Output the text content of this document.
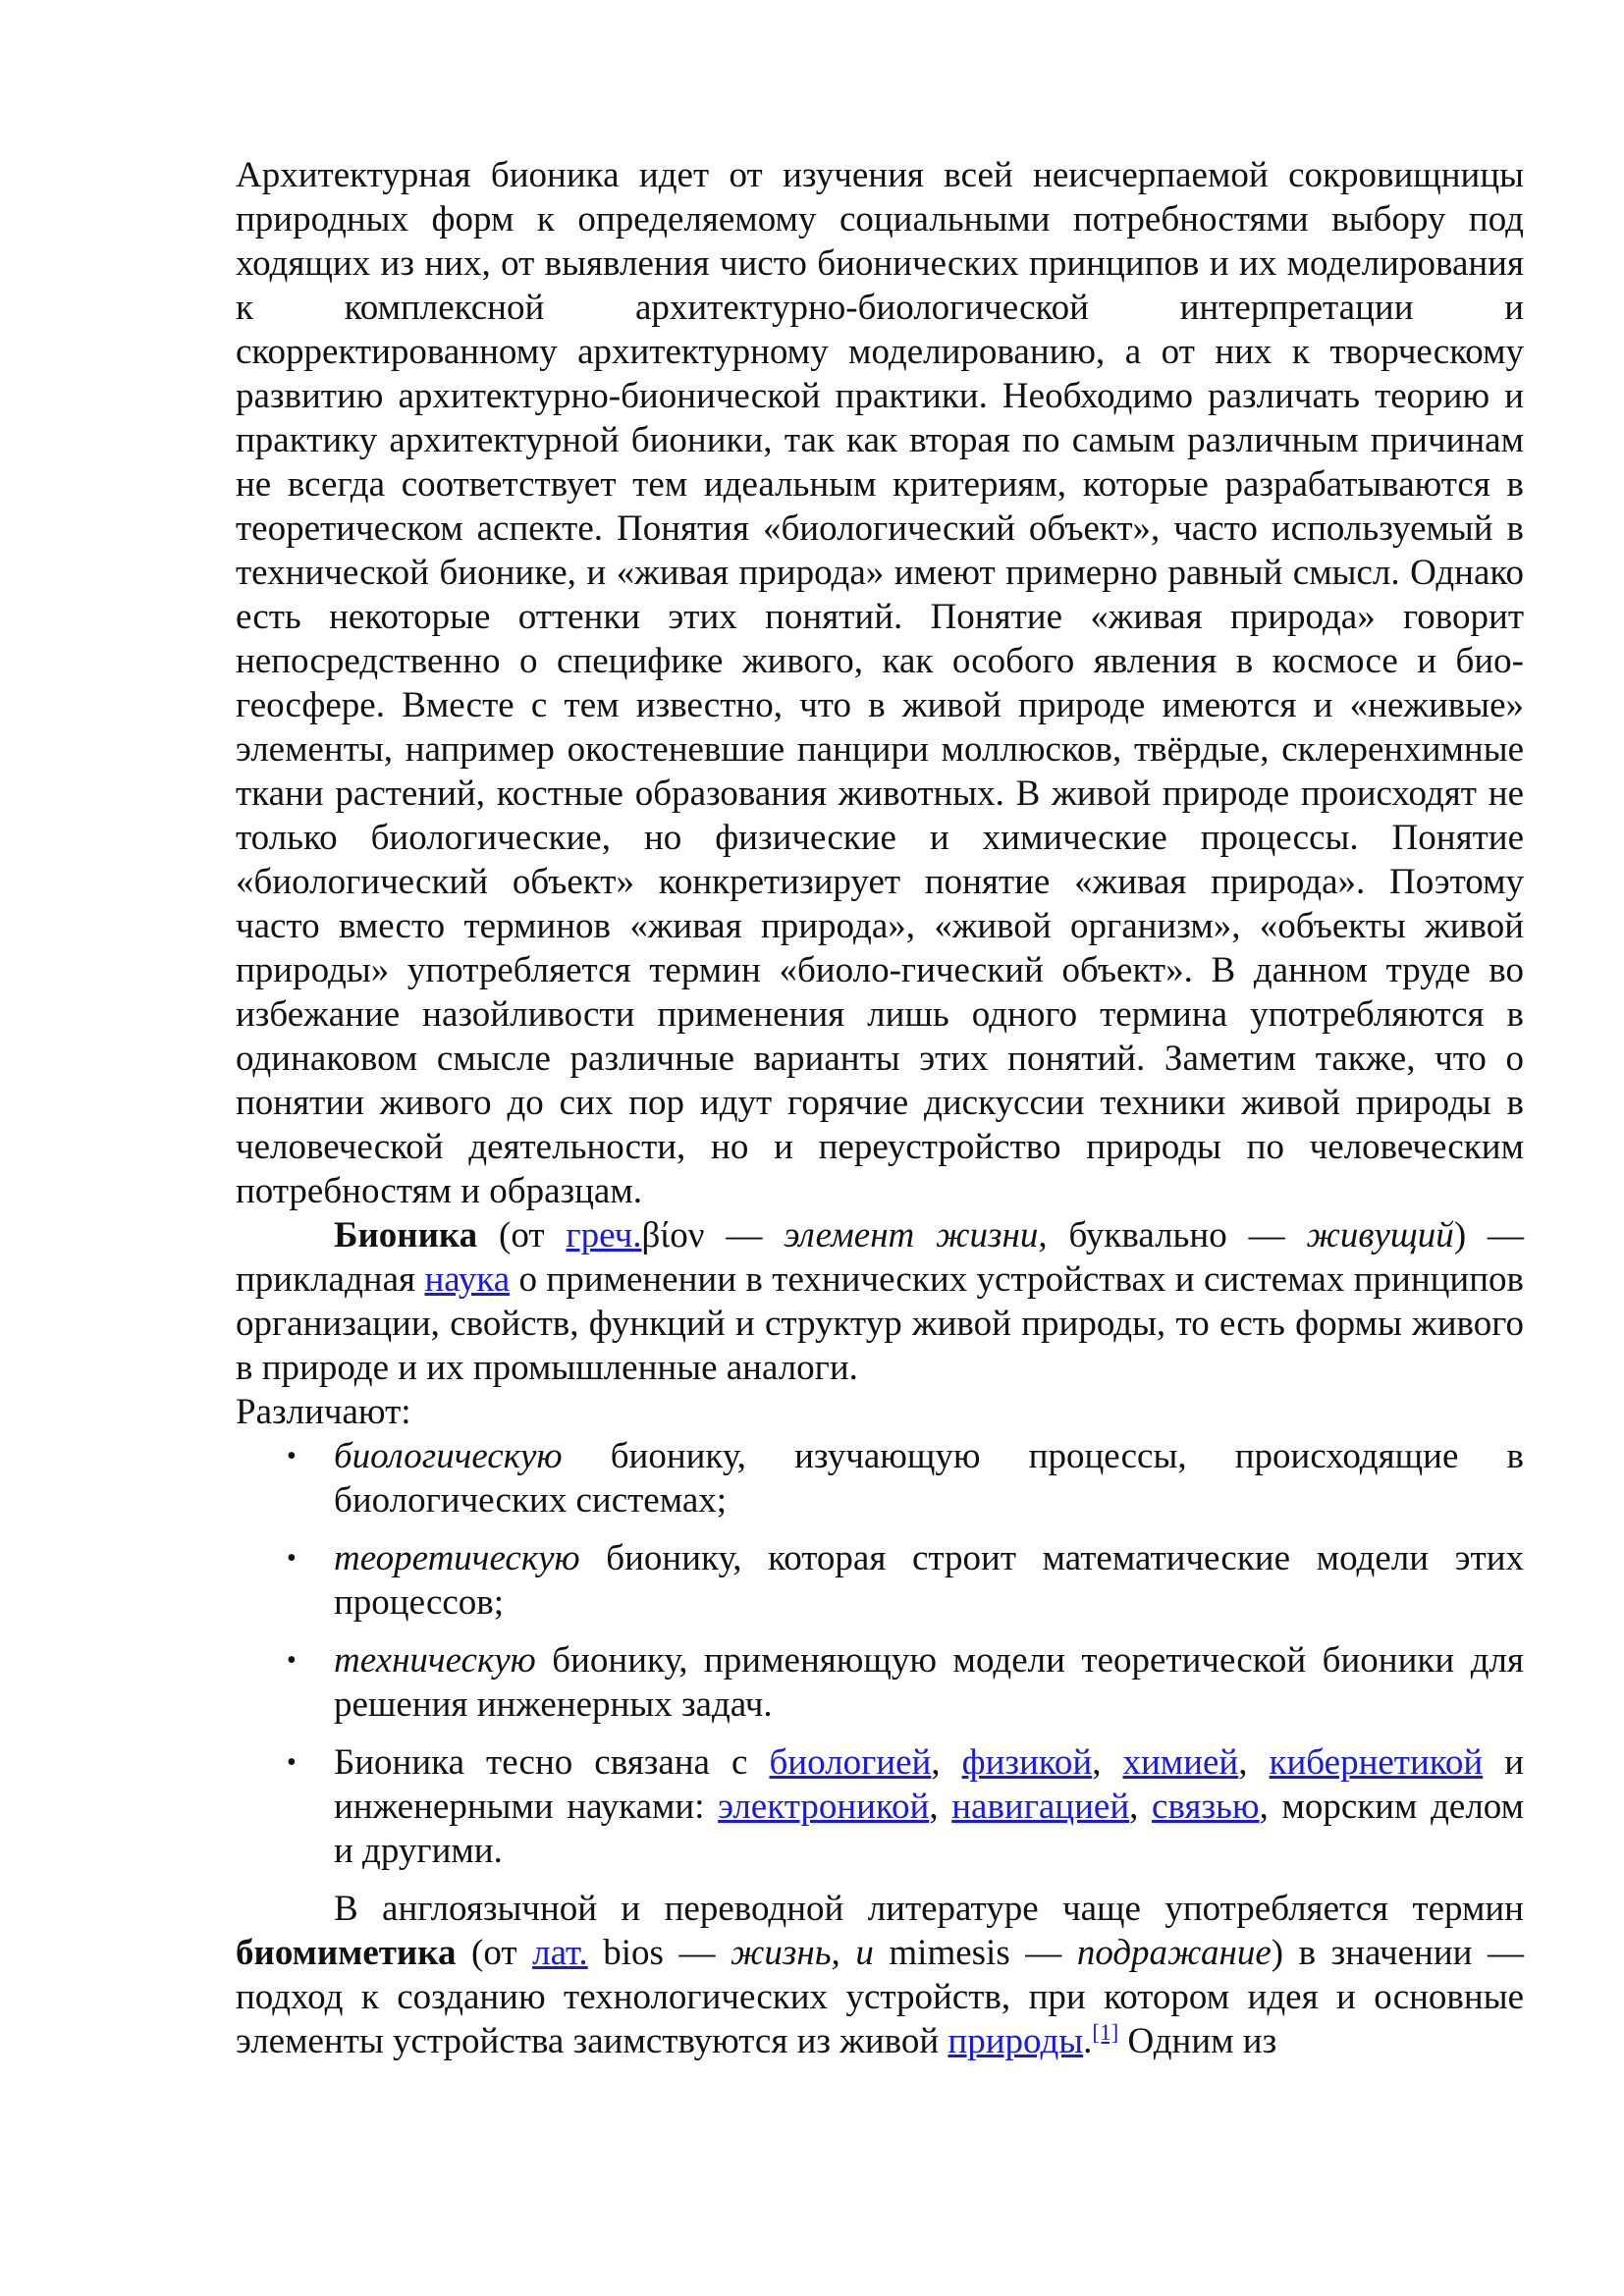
Архитектурная бионика идет от изучения всей неисчерпаемой сокровищницы природных форм к определяемому социальными потребностями выбору под ходящих из них, от выявления чисто бионических принципов и их моделирования к комплексной архитектурно-биологической интерпретации и скорректированному архитектурному моделированию, а от них к творческому развитию архитектурно-бионической практики. Необходимо различать теорию и практику архитектурной бионики, так как вторая по самым различным причинам не всегда соответствует тем идеальным критериям, которые разрабатываются в теоретическом аспекте. Понятия «биологический объект», часто используемый в технической бионике, и «живая природа» имеют примерно равный смысл. Однако есть некоторые оттенки этих понятий. Понятие «живая природа» говорит непосредственно о специфике живого, как особого явления в космосе и био-геосфере. Вместе с тем известно, что в живой природе имеются и «неживые» элементы, например окостеневшие панцири моллюсков, твёрдые, склеренхимные ткани растений, костные образования животных. В живой природе происходят не только биологические, но физические и химические процессы. Понятие «биологический объект» конкретизирует понятие «живая природа». Поэтому часто вместо терминов «живая природа», «живой организм», «объекты живой природы» употребляется термин «биоло-гический объект». В данном труде во избежание назойливости применения лишь одного термина употребляются в одинаковом смысле различные варианты этих понятий. Заметим также, что о понятии живого до сих пор идут горячие дискуссии техники живой природы в человеческой деятельности, но и переустройство природы по человеческим потребностям и образцам.

Бионика (от греч.βίον — элемент жизни, буквально — живущий) — прикладная наука о применении в технических устройствах и системах принципов организации, свойств, функций и структур живой природы, то есть формы живого в природе и их промышленные аналоги.

Различают:

• биологическую бионику, изучающую процессы, происходящие в биологических системах;
• теоретическую бионику, которая строит математические модели этих процессов;
• техническую бионику, применяющую модели теоретической бионики для решения инженерных задач.
• Бионика тесно связана с биологией, физикой, химией, кибернетикой и инженерными науками: электроникой, навигацией, связью, морским делом и другими.

В англоязычной и переводной литературе чаще употребляется термин биомиметика (от лат. bios — жизнь, и mimesis — подражание) в значении — подход к созданию технологических устройств, при котором идея и основные элементы устройства заимствуются из живой природы.[1] Одним из
